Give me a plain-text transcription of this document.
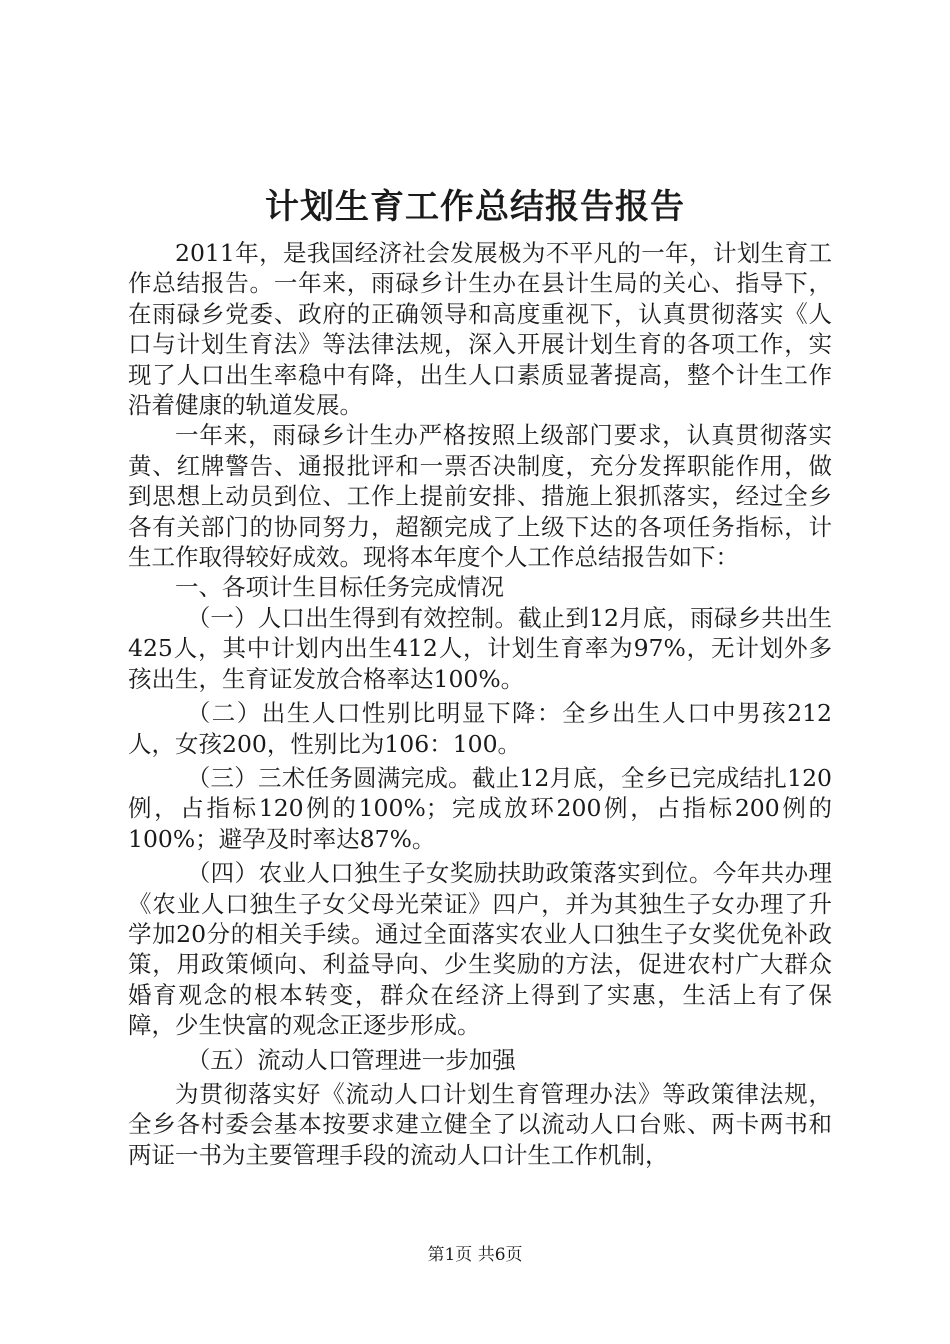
计划生育工作总结报告报告

2011年，是我国经济社会发展极为不平凡的一年，计划生育工作总结报告。一年来，雨碌乡计生办在县计生局的关心、指导下，在雨碌乡党委、政府的正确领导和高度重视下，认真贯彻落实《人口与计划生育法》等法律法规，深入开展计划生育的各项工作，实现了人口出生率稳中有降，出生人口素质显著提高，整个计生工作沿着健康的轨道发展。

一年来，雨碌乡计生办严格按照上级部门要求，认真贯彻落实黄、红牌警告、通报批评和一票否决制度，充分发挥职能作用，做到思想上动员到位、工作上提前安排、措施上狠抓落实，经过全乡各有关部门的协同努力，超额完成了上级下达的各项任务指标，计生工作取得较好成效。现将本年度个人工作总结报告如下：

一、各项计生目标任务完成情况

（一）人口出生得到有效控制。截止到12月底，雨碌乡共出生425人，其中计划内出生412人，计划生育率为97%，无计划外多孩出生，生育证发放合格率达100%。

（二）出生人口性别比明显下降：全乡出生人口中男孩212人，女孩200，性别比为106：100。

（三）三术任务圆满完成。截止12月底，全乡已完成结扎120例，占指标120例的100%；完成放环200例，占指标200例的100%；避孕及时率达87%。

（四）农业人口独生子女奖励扶助政策落实到位。今年共办理《农业人口独生子女父母光荣证》四户，并为其独生子女办理了升学加20分的相关手续。通过全面落实农业人口独生子女奖优免补政策，用政策倾向、利益导向、少生奖励的方法，促进农村广大群众婚育观念的根本转变，群众在经济上得到了实惠，生活上有了保障，少生快富的观念正逐步形成。

（五）流动人口管理进一步加强

为贯彻落实好《流动人口计划生育管理办法》等政策律法规，全乡各村委会基本按要求建立健全了以流动人口台账、两卡两书和两证一书为主要管理手段的流动人口计生工作机制，

第1页 共6页
